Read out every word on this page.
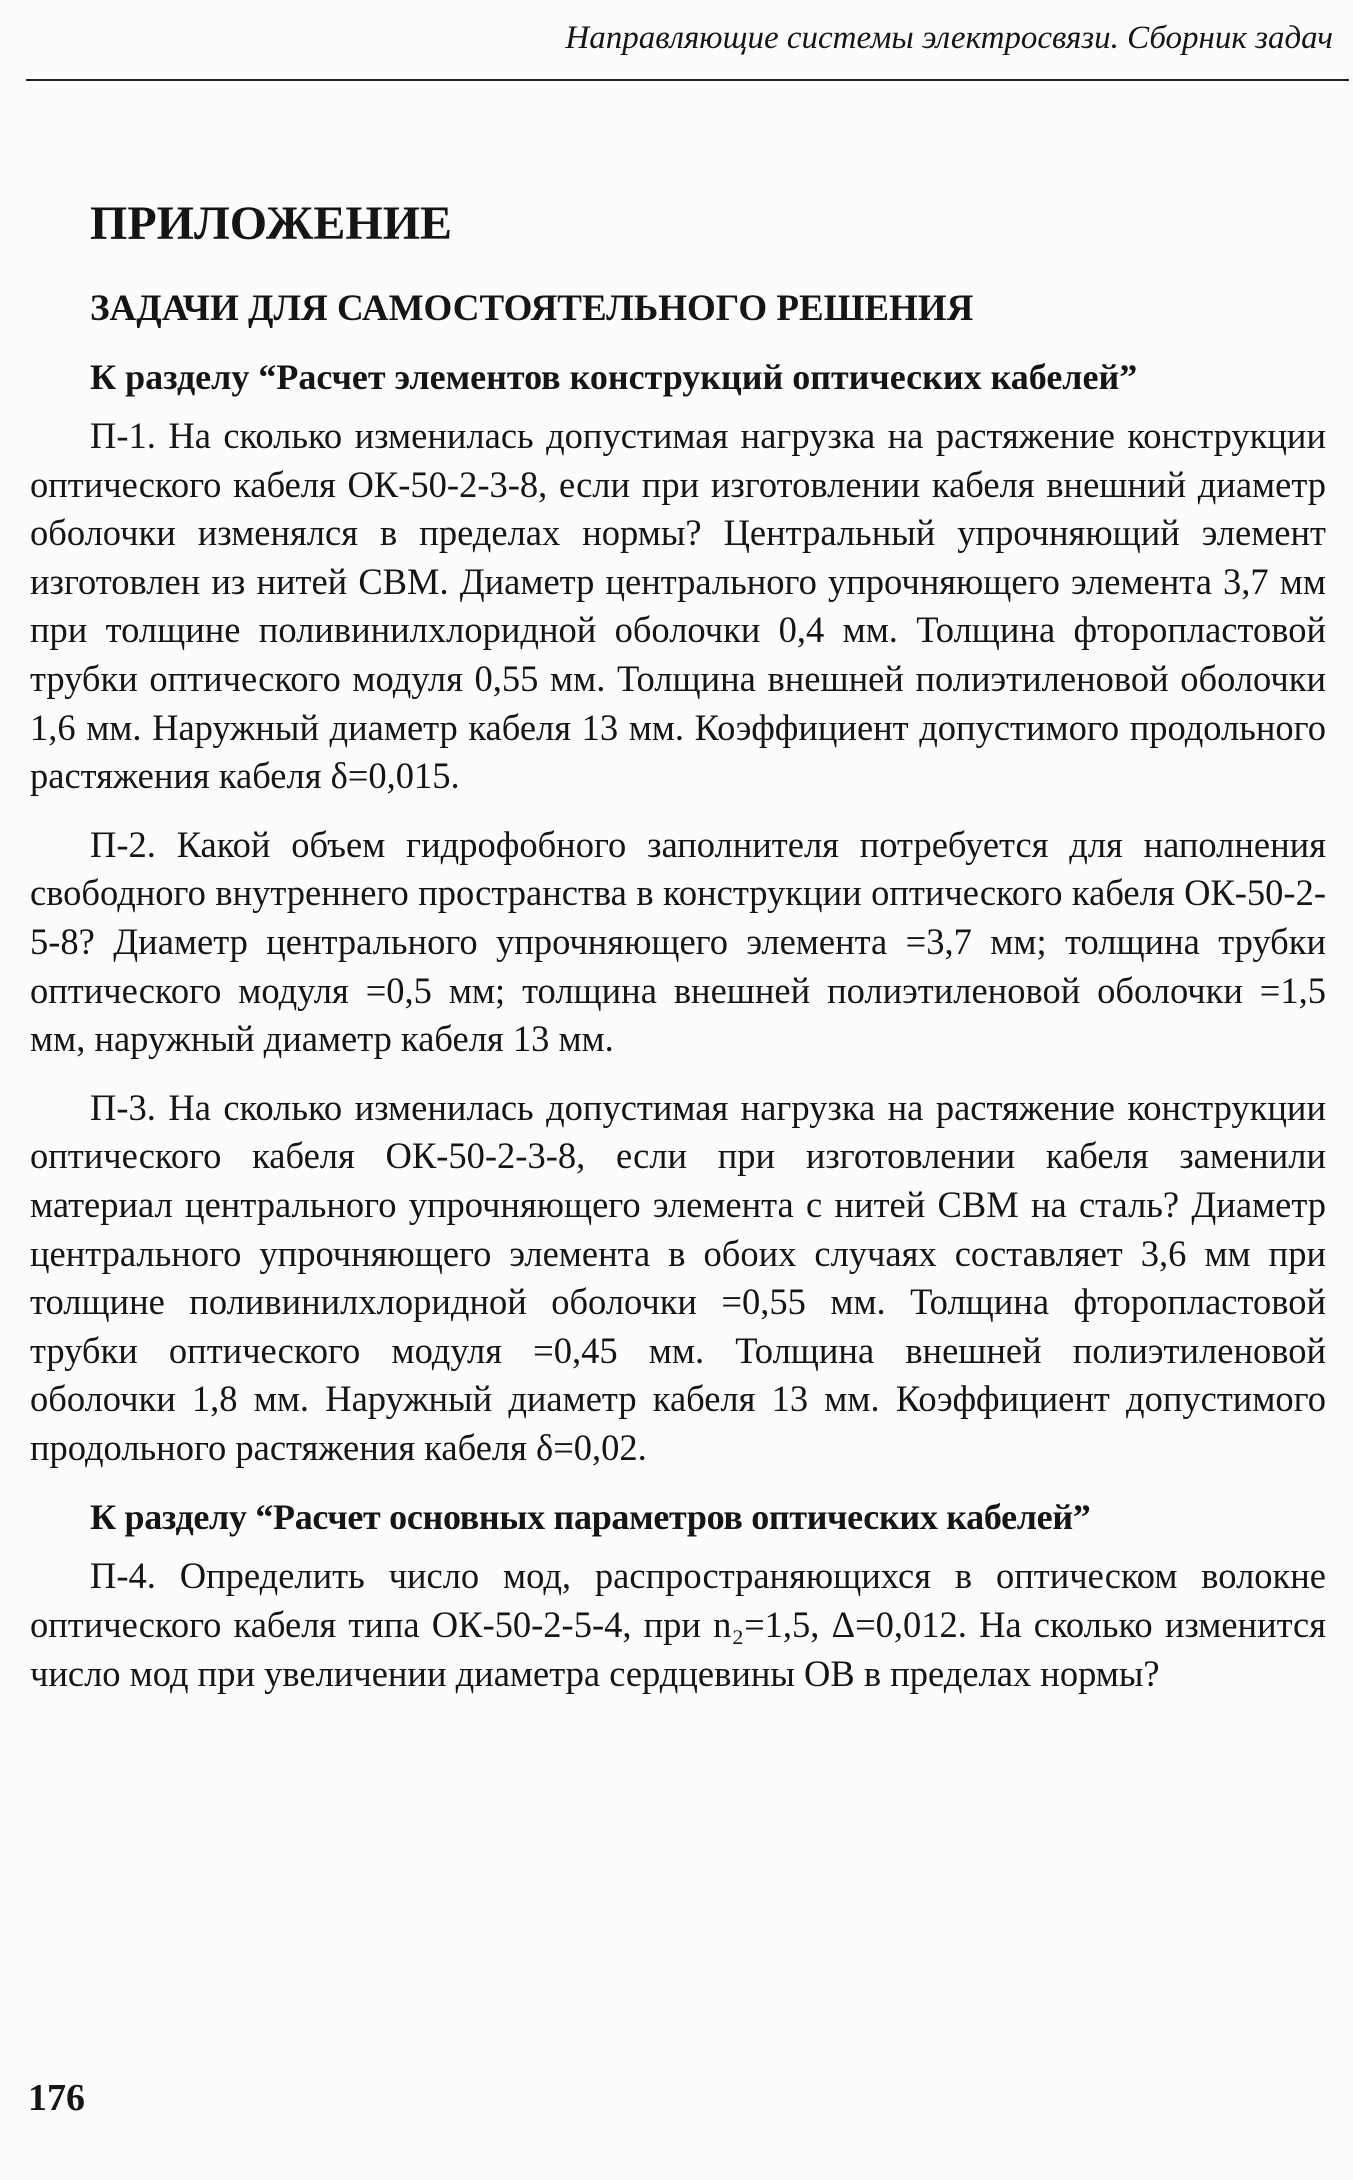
Направляющие системы электросвязи. Сборник задач
ПРИЛОЖЕНИЕ
ЗАДАЧИ ДЛЯ САМОСТОЯТЕЛЬНОГО РЕШЕНИЯ
К разделу “Расчет элементов конструкций оптических кабелей”

П-1. На сколько изменилась допустимая нагрузка на растяжение конструкции оптического кабеля ОК-50-2-3-8, если при изготовлении кабеля внешний диаметр оболочки изменялся в пределах нормы? Центральный упрочняющий элемент изготовлен из нитей СВМ. Диаметр центрального упрочняющего элемента 3,7 мм при толщине поливинилхлоридной оболочки 0,4 мм. Толщина фторопластовой трубки оптического модуля 0,55 мм. Толщина внешней полиэтиленовой оболочки 1,6 мм. Наружный диаметр кабеля 13 мм. Коэффициент допустимого продольного растяжения кабеля δ=0,015.

П-2. Какой объем гидрофобного заполнителя потребуется для наполнения свободного внутреннего пространства в конструкции оптического кабеля ОК-50-2-5-8? Диаметр центрального упрочняющего элемента =3,7 мм; толщина трубки оптического модуля =0,5 мм; толщина внешней полиэтиленовой оболочки =1,5 мм, наружный диаметр кабеля 13 мм.

П-3. На сколько изменилась допустимая нагрузка на растяжение конструкции оптического кабеля ОК-50-2-3-8, если при изготовлении кабеля заменили материал центрального упрочняющего элемента с нитей СВМ на сталь? Диаметр центрального упрочняющего элемента в обоих случаях составляет 3,6 мм при толщине поливинилхлоридной оболочки =0,55 мм. Толщина фторопластовой трубки оптического модуля =0,45 мм. Толщина внешней полиэтиленовой оболочки 1,8 мм. Наружный диаметр кабеля 13 мм. Коэффициент допустимого продольного растяжения кабеля δ=0,02.

К разделу “Расчет основных параметров оптических кабелей”

П-4. Определить число мод, распространяющихся в оптическом волокне оптического кабеля типа ОК-50-2-5-4, при n₂=1,5, Δ=0,012. На сколько изменится число мод при увеличении диаметра сердцевины ОВ в пределах нормы?

176
